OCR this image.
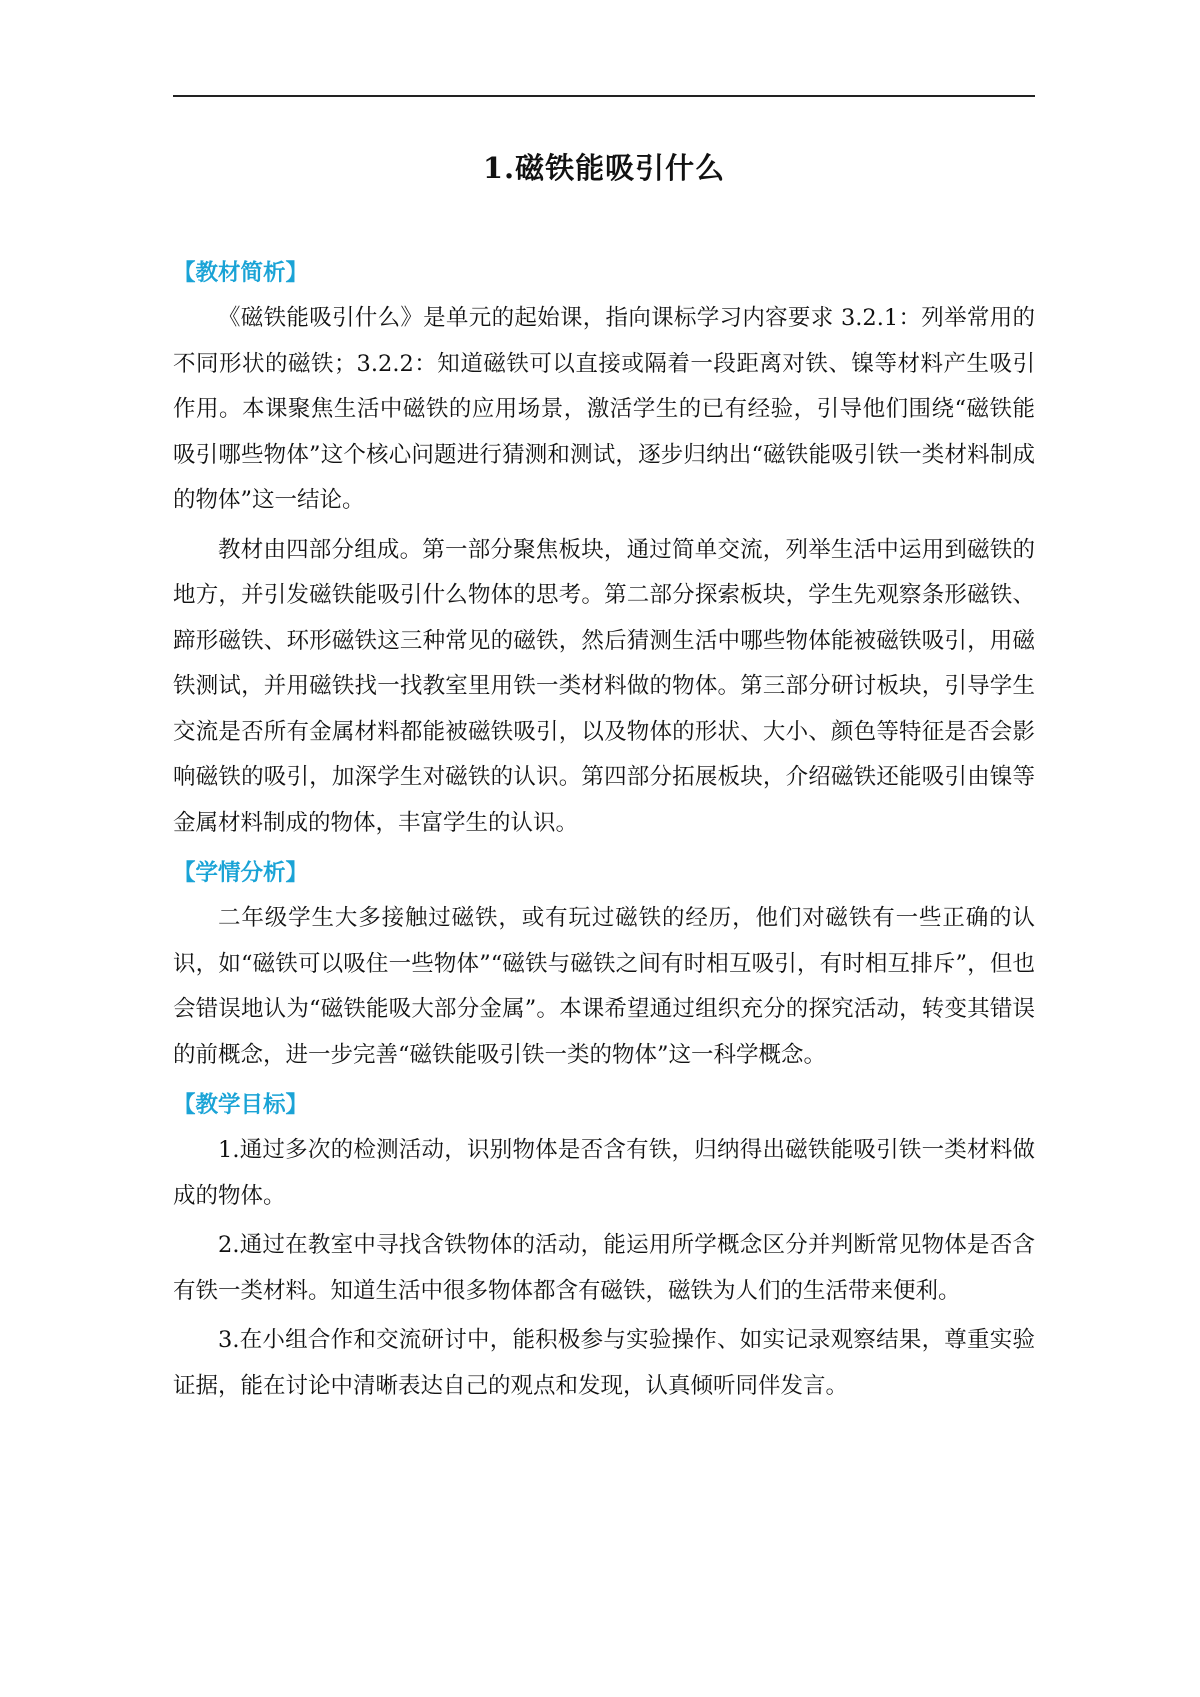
1.磁铁能吸引什么

【教材简析】

《磁铁能吸引什么》是单元的起始课，指向课标学习内容要求 3.2.1：列举常用的不同形状的磁铁；3.2.2：知道磁铁可以直接或隔着一段距离对铁、镍等材料产生吸引作用。本课聚焦生活中磁铁的应用场景，激活学生的已有经验，引导他们围绕“磁铁能吸引哪些物体”这个核心问题进行猜测和测试，逐步归纳出“磁铁能吸引铁一类材料制成的物体”这一结论。

教材由四部分组成。第一部分聚焦板块，通过简单交流，列举生活中运用到磁铁的地方，并引发磁铁能吸引什么物体的思考。第二部分探索板块，学生先观察条形磁铁、蹄形磁铁、环形磁铁这三种常见的磁铁，然后猜测生活中哪些物体能被磁铁吸引，用磁铁测试，并用磁铁找一找教室里用铁一类材料做的物体。第三部分研讨板块，引导学生交流是否所有金属材料都能被磁铁吸引，以及物体的形状、大小、颜色等特征是否会影响磁铁的吸引，加深学生对磁铁的认识。第四部分拓展板块，介绍磁铁还能吸引由镍等金属材料制成的物体，丰富学生的认识。

【学情分析】

二年级学生大多接触过磁铁，或有玩过磁铁的经历，他们对磁铁有一些正确的认识，如“磁铁可以吸住一些物体”“磁铁与磁铁之间有时相互吸引，有时相互排斥”，但也会错误地认为“磁铁能吸大部分金属”。本课希望通过组织充分的探究活动，转变其错误的前概念，进一步完善“磁铁能吸引铁一类的物体”这一科学概念。

【教学目标】

1.通过多次的检测活动，识别物体是否含有铁，归纳得出磁铁能吸引铁一类材料做成的物体。

2.通过在教室中寻找含铁物体的活动，能运用所学概念区分并判断常见物体是否含有铁一类材料。知道生活中很多物体都含有磁铁，磁铁为人们的生活带来便利。

3.在小组合作和交流研讨中，能积极参与实验操作、如实记录观察结果，尊重实验证据，能在讨论中清晰表达自己的观点和发现，认真倾听同伴发言。
